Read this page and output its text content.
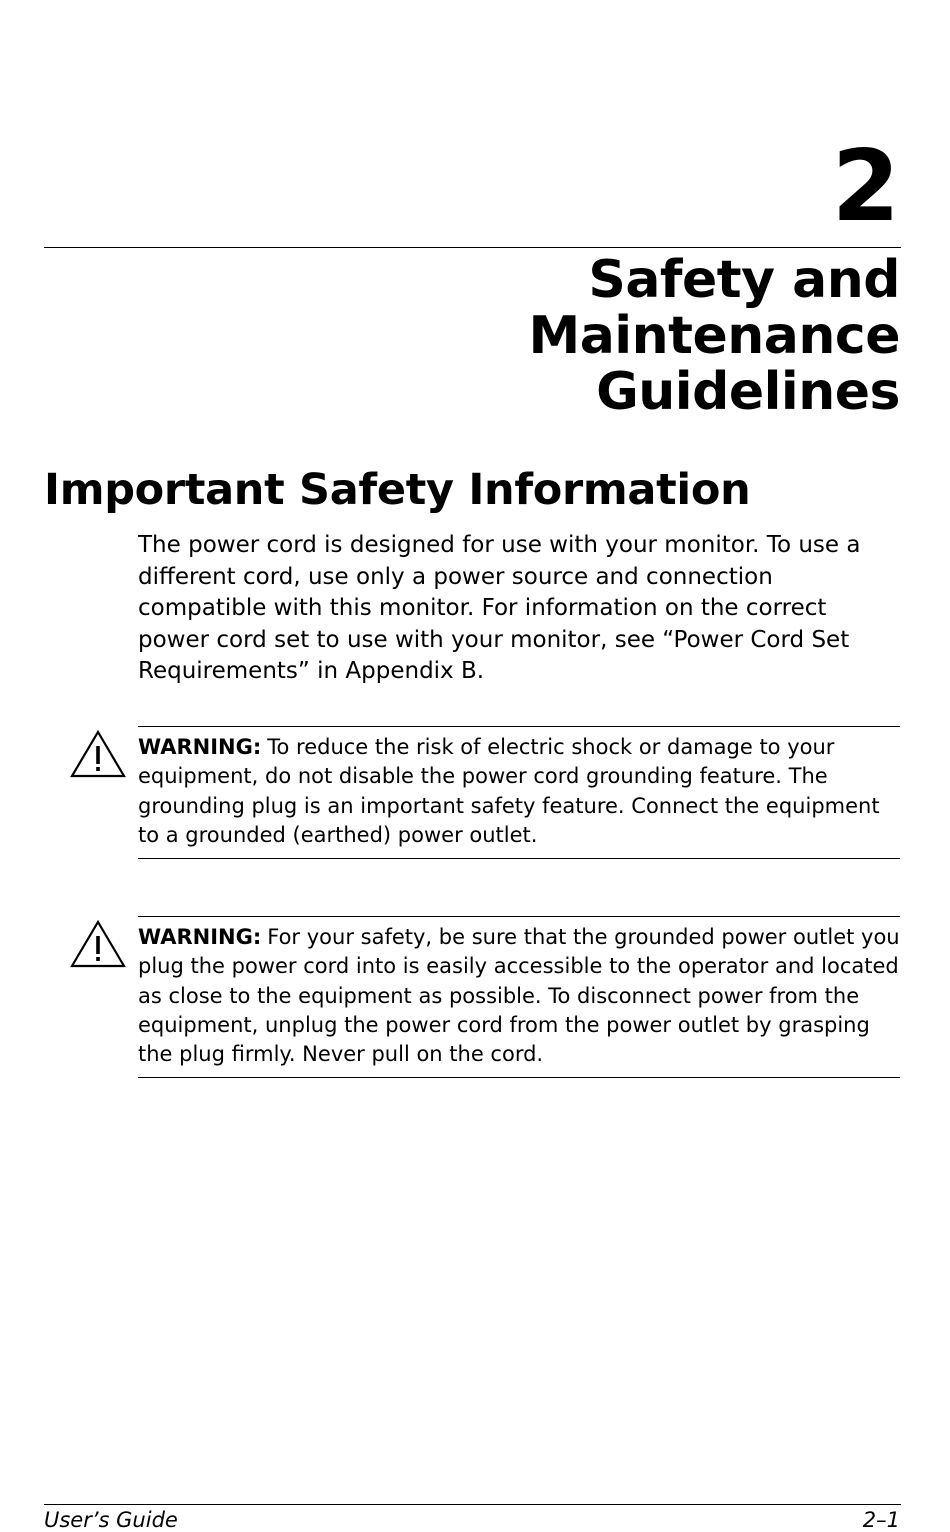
2
Safety and Maintenance
Guidelines
Important Safety Information

The power cord is designed for use with your monitor. To use a different cord, use only a power source and connection compatible with this monitor. For information on the correct power cord set to use with your monitor, see “Power Cord Set Requirements” in Appendix B.

WARNING: To reduce the risk of electric shock or damage to your equipment, do not disable the power cord grounding feature. The grounding plug is an important safety feature. Connect the equipment to a grounded (earthed) power outlet.

WARNING: For your safety, be sure that the grounded power outlet you plug the power cord into is easily accessible to the operator and located as close to the equipment as possible. To disconnect power from the equipment, unplug the power cord from the power outlet by grasping the plug firmly. Never pull on the cord.

User’s Guide	2–1
